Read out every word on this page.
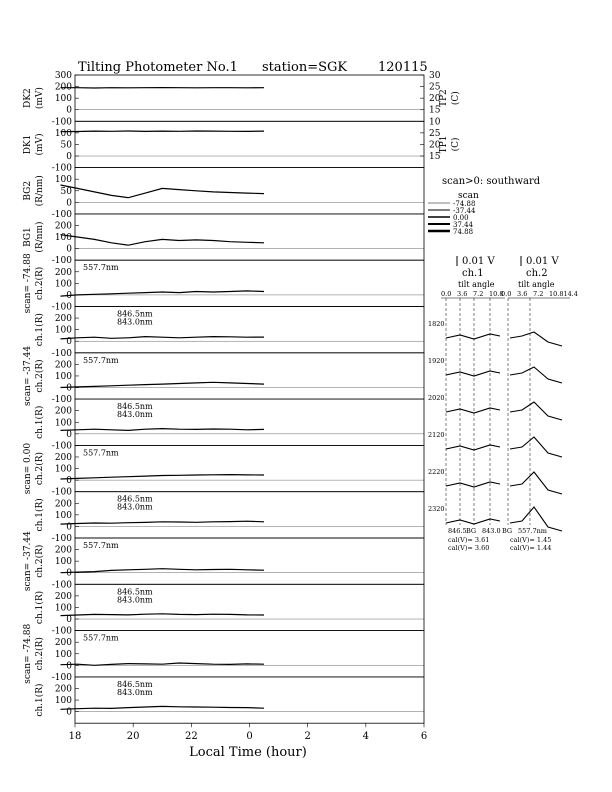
Tilting Photometer No.1 station=SGK 120115
0
100
200
300
DK2 (mV)
15
20
25
30
TP2 (C)
0
50
100
-100
DK1 (mV)
15
20
25
10
TP1 (C)
0
50
100
-100
BG2 (R/nm)
0
100
200
-100
BG1 (R/nm)
0
100
200
-100
scan= -74.88 ch.2(R)	557.7nm
0
100
200
-100
ch.1(R)	846.5nm
843.0nm
0
100
200
-100
scan= -37.44 ch.2(R)	557.7nm
0
100
200
-100
ch.1(R)	846.5nm
843.0nm
0
100
200
-100
scan= 0.00 ch.2(R)	557.7nm
0
100
200
-100
ch.1(R)	846.5nm
843.0nm
0
100
200
-100
scan= -37.44 ch.2(R)	557.7nm
0
100
200
-100
ch.1(R)	846.5nm
843.0nm
0
100
200
-100
scan= -74.88 ch.2(R)	557.7nm
0
100
200
-100
ch.1(R)	846.5nm
843.0nm
18	20	22	0	2	4	6
Local Time (hour)
scan>0: southward
scan
-74.88
-37.44
0.00
37.44
74.88
0.01 V
ch.1
0.01 V
ch.2
tilt angle	tilt angle
0.0 3.6 7.2 10.8
0.0 3.6 7.2 10.814.4
1820
1920
2020
2120
2220
2320
846.5 BG 843.0 BG 557.7nm
cal(V)= 3.61
cal(V)= 3.60
cal(V)= 1.45
cal(V)= 1.44
